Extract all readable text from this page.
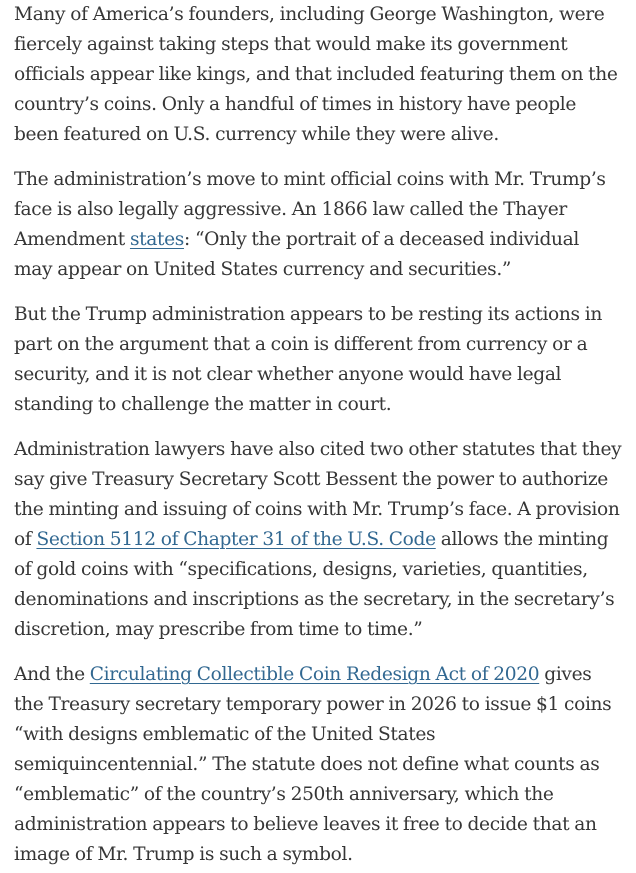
Many of America’s founders, including George Washington, were fiercely against taking steps that would make its government officials appear like kings, and that included featuring them on the country’s coins. Only a handful of times in history have people been featured on U.S. currency while they were alive.

The administration’s move to mint official coins with Mr. Trump’s face is also legally aggressive. An 1866 law called the Thayer Amendment states: “Only the portrait of a deceased individual may appear on United States currency and securities.”

But the Trump administration appears to be resting its actions in part on the argument that a coin is different from currency or a security, and it is not clear whether anyone would have legal standing to challenge the matter in court.

Administration lawyers have also cited two other statutes that they say give Treasury Secretary Scott Bessent the power to authorize the minting and issuing of coins with Mr. Trump’s face. A provision of Section 5112 of Chapter 31 of the U.S. Code allows the minting of gold coins with “specifications, designs, varieties, quantities, denominations and inscriptions as the secretary, in the secretary’s discretion, may prescribe from time to time.”

And the Circulating Collectible Coin Redesign Act of 2020 gives the Treasury secretary temporary power in 2026 to issue $1 coins “with designs emblematic of the United States semiquincentennial.” The statute does not define what counts as “emblematic” of the country’s 250th anniversary, which the administration appears to believe leaves it free to decide that an image of Mr. Trump is such a symbol.
